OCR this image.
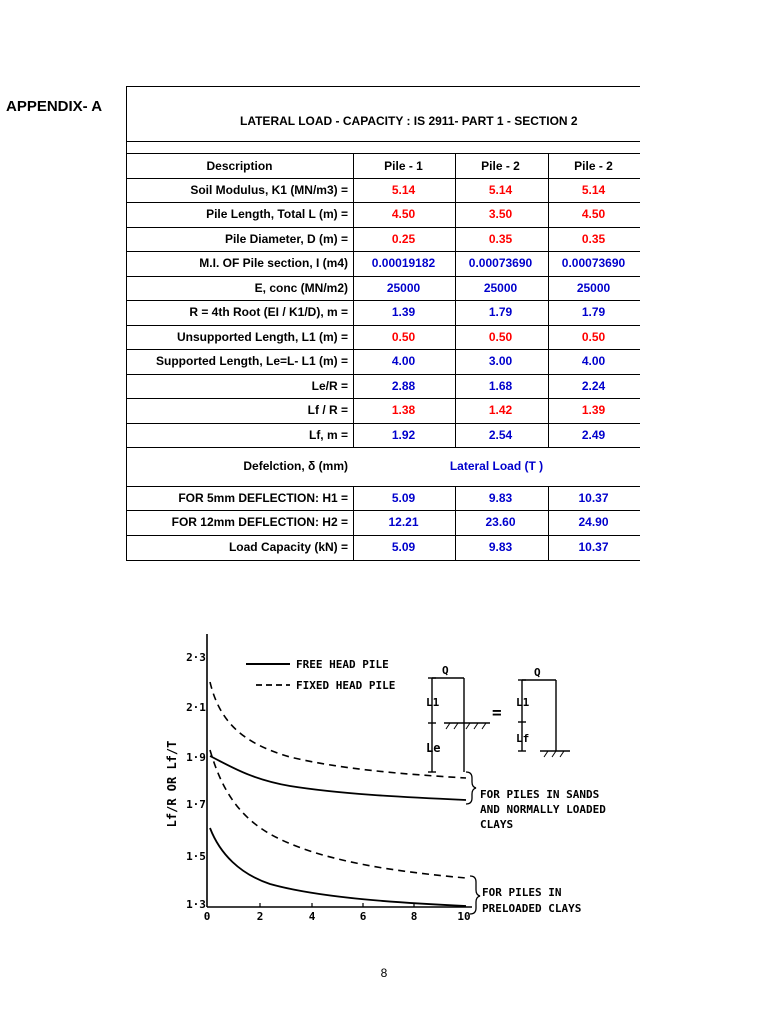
APPENDIX- A
LATERAL LOAD - CAPACITY : IS 2911- PART 1 - SECTION 2
Description	Pile - 1	Pile - 2	Pile - 2
Soil Modulus, K1 (MN/m3) =	5.14	5.14	5.14
Pile Length, Total L (m) =	4.50	3.50	4.50
Pile Diameter, D (m) =	0.25	0.35	0.35
M.I. OF Pile section, I (m4)	0.00019182	0.00073690	0.00073690
E, conc (MN/m2)	25000	25000	25000
R = 4th Root (EI / K1/D), m =	1.39	1.79	1.79
Unsupported Length, L1 (m) =	0.50	0.50	0.50
Supported Length, Le=L- L1 (m) =	4.00	3.00	4.00
Le/R =	2.88	1.68	2.24
Lf / R =	1.38	1.42	1.39
Lf, m =	1.92	2.54	2.49
Defelction, δ (mm)	Lateral Load (T )
FOR 5mm DEFLECTION: H1 =	5.09	9.83	10.37
FOR 12mm DEFLECTION: H2 =	12.21	23.60	24.90
Load Capacity (kN) =	5.09	9.83	10.37
2·3
2·1
1·9
1·7
1·5
1·3
Lf/R OR Lf/T
0	2	4	6	8	10
FREE HEAD PILE
FIXED HEAD PILE
Q
L1
Le
=
Q
L1
Lf
FOR PILES IN SANDS
AND NORMALLY LOADED
CLAYS
FOR PILES IN
PRELOADED CLAYS
8
